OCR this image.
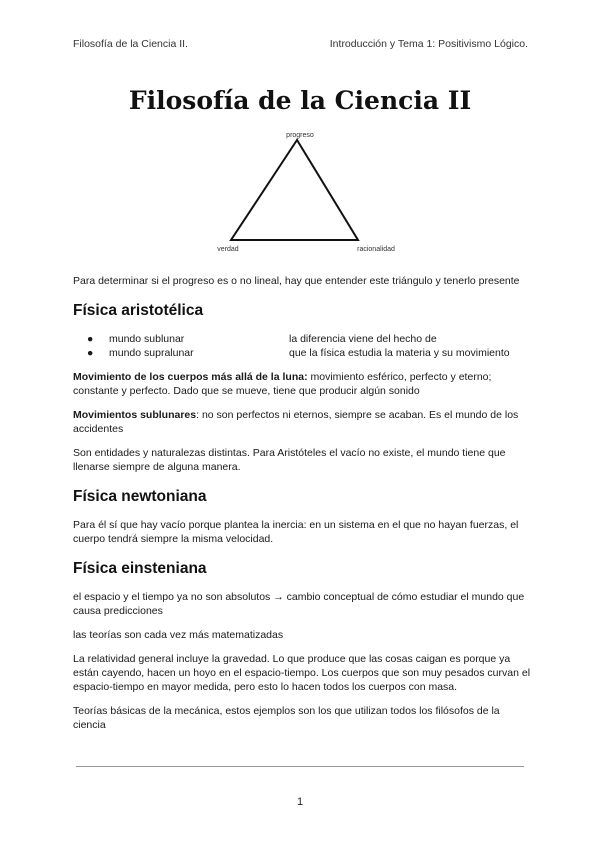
Filosofía de la Ciencia II.	Introducción y Tema 1: Positivismo Lógico.
Filosofía de la Ciencia II
progreso
verdad	racionalidad

Para determinar si el progreso es o no lineal, hay que entender este triángulo y tenerlo presente

Física aristotélica
●	mundo sublunar	la diferencia viene del hecho de
●	mundo supralunar	que la física estudia la materia y su movimiento

Movimiento de los cuerpos más allá de la luna: movimiento esférico, perfecto y eterno; constante y perfecto. Dado que se mueve, tiene que producir algún sonido

Movimientos sublunares: no son perfectos ni eternos, siempre se acaban. Es el mundo de los accidentes

Son entidades y naturalezas distintas. Para Aristóteles el vacío no existe, el mundo tiene que llenarse siempre de alguna manera.

Física newtoniana

Para él sí que hay vacío porque plantea la inercia: en un sistema en el que no hayan fuerzas, el cuerpo tendrá siempre la misma velocidad.

Física einsteniana

el espacio y el tiempo ya no son absolutos → cambio conceptual de cómo estudiar el mundo que causa predicciones

las teorías son cada vez más matematizadas

La relatividad general incluye la gravedad. Lo que produce que las cosas caigan es porque ya están cayendo, hacen un hoyo en el espacio-tiempo. Los cuerpos que son muy pesados curvan el espacio-tiempo en mayor medida, pero esto lo hacen todos los cuerpos con masa.

Teorías básicas de la mecánica, estos ejemplos son los que utilizan todos los filósofos de la ciencia

1
